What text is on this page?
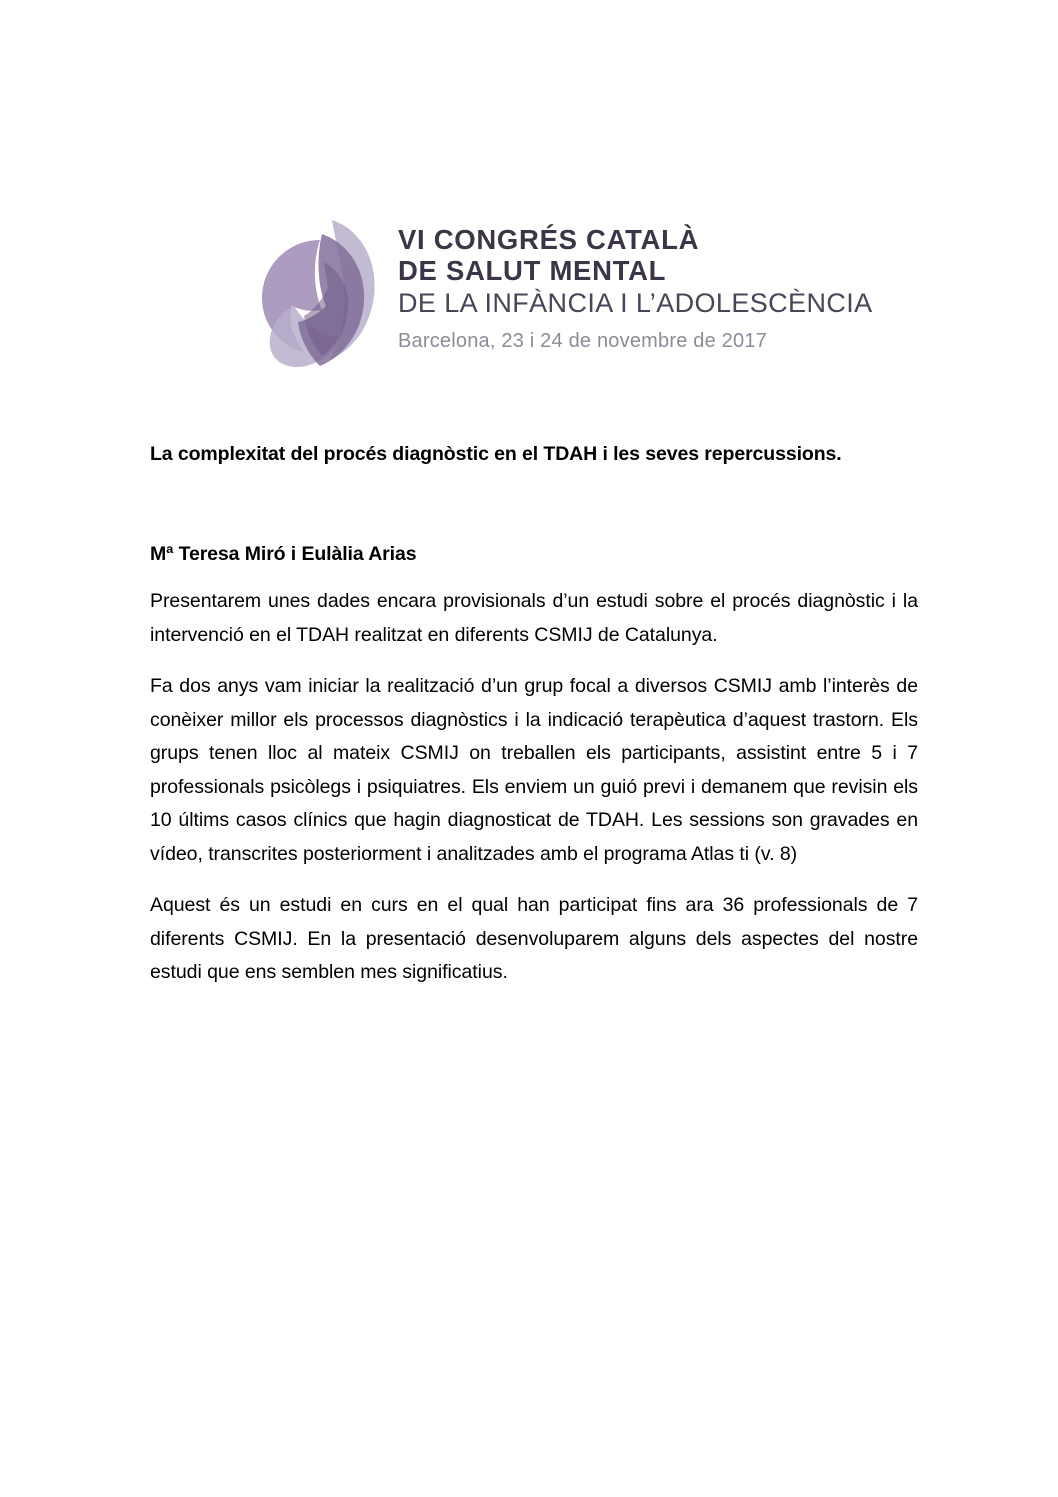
VI CONGRÉS CATALÀ
DE SALUT MENTAL
DE LA INFÀNCIA I L’ADOLESCÈNCIA
Barcelona, 23 i 24 de novembre de 2017
La complexitat del procés diagnòstic en el TDAH i les seves repercussions.

Mª Teresa Miró i Eulàlia Arias

Presentarem unes dades encara provisionals d’un estudi sobre el procés diagnòstic i la intervenció en el TDAH realitzat en diferents CSMIJ de Catalunya.

Fa dos anys vam iniciar la realització d’un grup focal a diversos CSMIJ amb l’interès de conèixer millor els processos diagnòstics i la indicació terapèutica d’aquest trastorn. Els grups tenen lloc al mateix CSMIJ on treballen els participants, assistint entre 5 i 7 professionals psicòlegs i psiquiatres. Els enviem un guió previ i demanem que revisin els 10 últims casos clínics que hagin diagnosticat de TDAH. Les sessions son gravades en vídeo, transcrites posteriorment i analitzades amb el programa Atlas ti (v. 8)

Aquest és un estudi en curs en el qual han participat fins ara 36 professionals de 7 diferents CSMIJ. En la presentació desenvoluparem alguns dels aspectes del nostre estudi que ens semblen mes significatius.
